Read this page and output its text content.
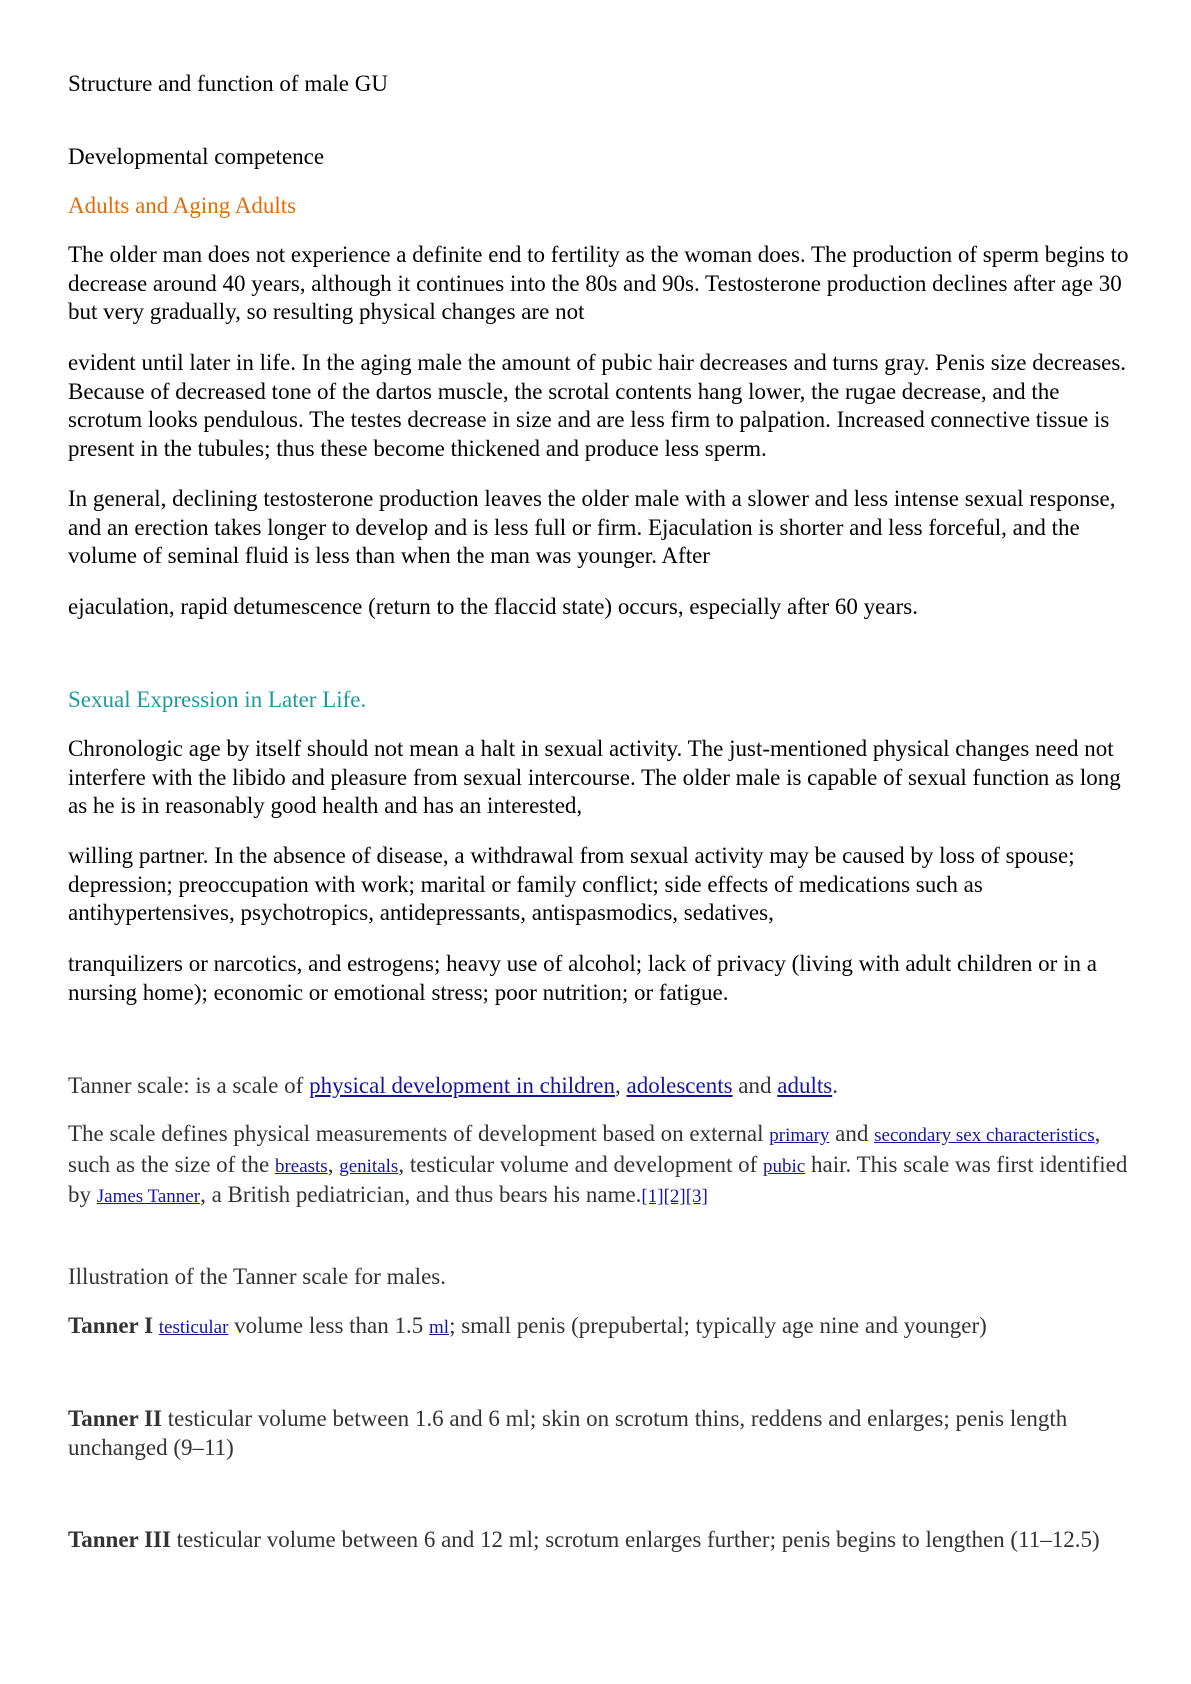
Structure and function of male GU

Developmental competence

Adults and Aging Adults

The older man does not experience a definite end to fertility as the woman does. The production of sperm begins to decrease around 40 years, although it continues into the 80s and 90s. Testosterone production declines after age 30 but very gradually, so resulting physical changes are not

evident until later in life. In the aging male the amount of pubic hair decreases and turns gray. Penis size decreases. Because of decreased tone of the dartos muscle, the scrotal contents hang lower, the rugae decrease, and the scrotum looks pendulous. The testes decrease in size and are less firm to palpation. Increased connective tissue is present in the tubules; thus these become thickened and produce less sperm.

In general, declining testosterone production leaves the older male with a slower and less intense sexual response, and an erection takes longer to develop and is less full or firm. Ejaculation is shorter and less forceful, and the volume of seminal fluid is less than when the man was younger. After

ejaculation, rapid detumescence (return to the flaccid state) occurs, especially after 60 years.

Sexual Expression in Later Life.

Chronologic age by itself should not mean a halt in sexual activity. The just-mentioned physical changes need not interfere with the libido and pleasure from sexual intercourse. The older male is capable of sexual function as long as he is in reasonably good health and has an interested,

willing partner. In the absence of disease, a withdrawal from sexual activity may be caused by loss of spouse; depression; preoccupation with work; marital or family conflict; side effects of medications such as antihypertensives, psychotropics, antidepressants, antispasmodics, sedatives,

tranquilizers or narcotics, and estrogens; heavy use of alcohol; lack of privacy (living with adult children or in a nursing home); economic or emotional stress; poor nutrition; or fatigue.

Tanner scale: is a scale of physical development in children, adolescents and adults.

The scale defines physical measurements of development based on external primary and secondary sex characteristics, such as the size of the breasts, genitals, testicular volume and development of pubic hair. This scale was first identified by James Tanner, a British pediatrician, and thus bears his name.[1][2][3]

Illustration of the Tanner scale for males.

Tanner I testicular volume less than 1.5 ml; small penis (prepubertal; typically age nine and younger)

Tanner II testicular volume between 1.6 and 6 ml; skin on scrotum thins, reddens and enlarges; penis length unchanged (9–11)

Tanner III testicular volume between 6 and 12 ml; scrotum enlarges further; penis begins to lengthen (11–12.5)
